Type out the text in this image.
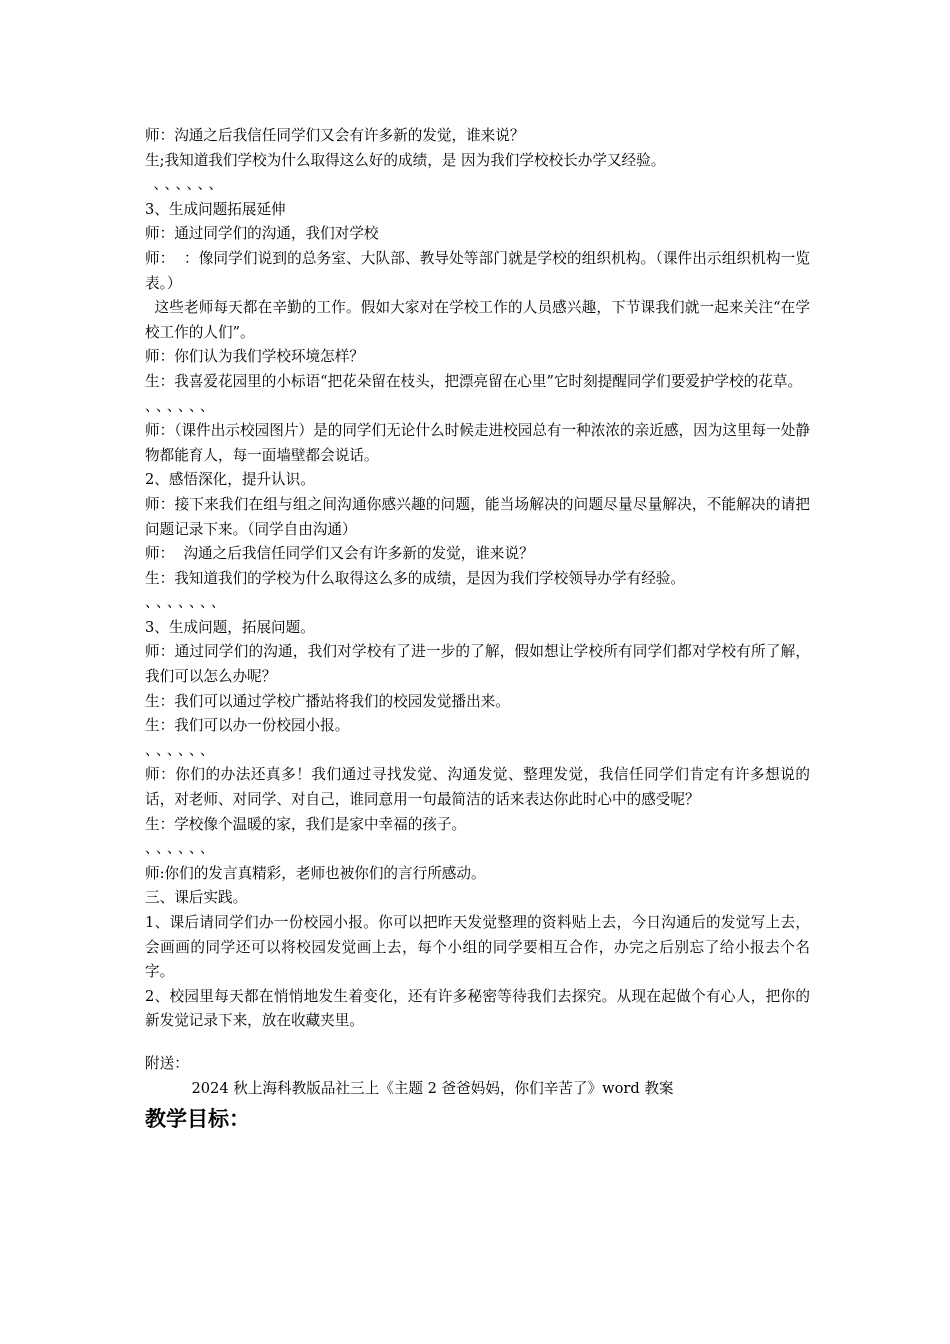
师：沟通之后我信任同学们又会有许多新的发觉，谁来说？

生;我知道我们学校为什么取得这么好的成绩，是 因为我们学校校长办学又经验。

、、、、、、

3、生成问题拓展延伸

师：通过同学们的沟通，我们对学校

师：  ：像同学们说到的总务室、大队部、教导处等部门就是学校的组织机构。（课件出示组织机构一览表。）

这些老师每天都在辛勤的工作。假如大家对在学校工作的人员感兴趣，下节课我们就一起来关注“在学校工作的人们”。

师：你们认为我们学校环境怎样？

生：我喜爱花园里的小标语“把花朵留在枝头，把漂亮留在心里”它时刻提醒同学们要爱护学校的花草。

、、、、、、

师：（课件出示校园图片）是的同学们无论什么时候走进校园总有一种浓浓的亲近感，因为这里每一处静物都能育人，每一面墙壁都会说话。

2、感悟深化，提升认识。

师：接下来我们在组与组之间沟通你感兴趣的问题，能当场解决的问题尽量尽量解决，不能解决的请把问题记录下来。（同学自由沟通）

师：  沟通之后我信任同学们又会有许多新的发觉，谁来说？

生：我知道我们的学校为什么取得这么多的成绩，是因为我们学校领导办学有经验。

、、、、、、、

3、生成问题，拓展问题。

师：通过同学们的沟通，我们对学校有了进一步的了解，假如想让学校所有同学们都对学校有所了解，我们可以怎么办呢？

生：我们可以通过学校广播站将我们的校园发觉播出来。

生：我们可以办一份校园小报。

、、、、、、

师：你们的办法还真多！我们通过寻找发觉、沟通发觉、整理发觉，我信任同学们肯定有许多想说的话，对老师、对同学、对自己，谁同意用一句最简洁的话来表达你此时心中的感受呢？

生：学校像个温暖的家，我们是家中幸福的孩子。

、、、、、、

师:你们的发言真精彩，老师也被你们的言行所感动。

三、课后实践。

1、课后请同学们办一份校园小报。你可以把昨天发觉整理的资料贴上去，今日沟通后的发觉写上去，会画画的同学还可以将校园发觉画上去，每个小组的同学要相互合作，办完之后别忘了给小报去个名字。

2、校园里每天都在悄悄地发生着变化，还有许多秘密等待我们去探究。从现在起做个有心人，把你的新发觉记录下来，放在收藏夹里。

附送：

2024 秋上海科教版品社三上《主题 2 爸爸妈妈，你们辛苦了》word 教案

教学目标：
